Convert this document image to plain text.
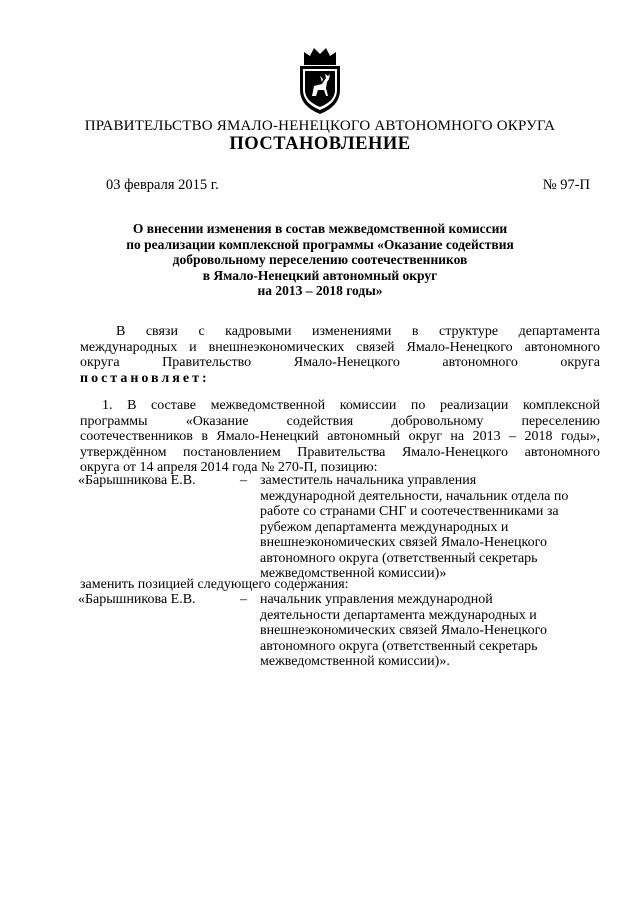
ПРАВИТЕЛЬСТВО ЯМАЛО-НЕНЕЦКОГО АВТОНОМНОГО ОКРУГА
ПОСТАНОВЛЕНИЕ
03 февраля 2015 г.	№ 97-П
О внесении изменения в состав межведомственной комиссии
по реализации комплексной программы «Оказание содействия
добровольному переселению соотечественников
в Ямало-Ненецкий автономный округ
на 2013 – 2018 годы»
В связи с кадровыми изменениями в структуре департамента
международных и внешнеэкономических связей Ямало-Ненецкого автономного
округа Правительство Ямало-Ненецкого автономного округа
постановляет:
1. В составе межведомственной комиссии по реализации комплексной
программы «Оказание содействия добровольному переселению
соотечественников в Ямало-Ненецкий автономный округ на 2013 – 2018 годы»,
утверждённом постановлением Правительства Ямало-Ненецкого автономного
округа от 14 апреля 2014 года № 270-П, позицию:
«Барышникова Е.В.	– заместитель начальника управления
международной деятельности, начальник отдела по
работе со странами СНГ и соотечественниками за
рубежом департамента международных и
внешнеэкономических связей Ямало-Ненецкого
автономного округа (ответственный секретарь
межведомственной комиссии)»
заменить позицией следующего содержания:
«Барышникова Е.В.	– начальник управления международной
деятельности департамента международных и
внешнеэкономических связей Ямало-Ненецкого
автономного округа (ответственный секретарь
межведомственной комиссии)».
